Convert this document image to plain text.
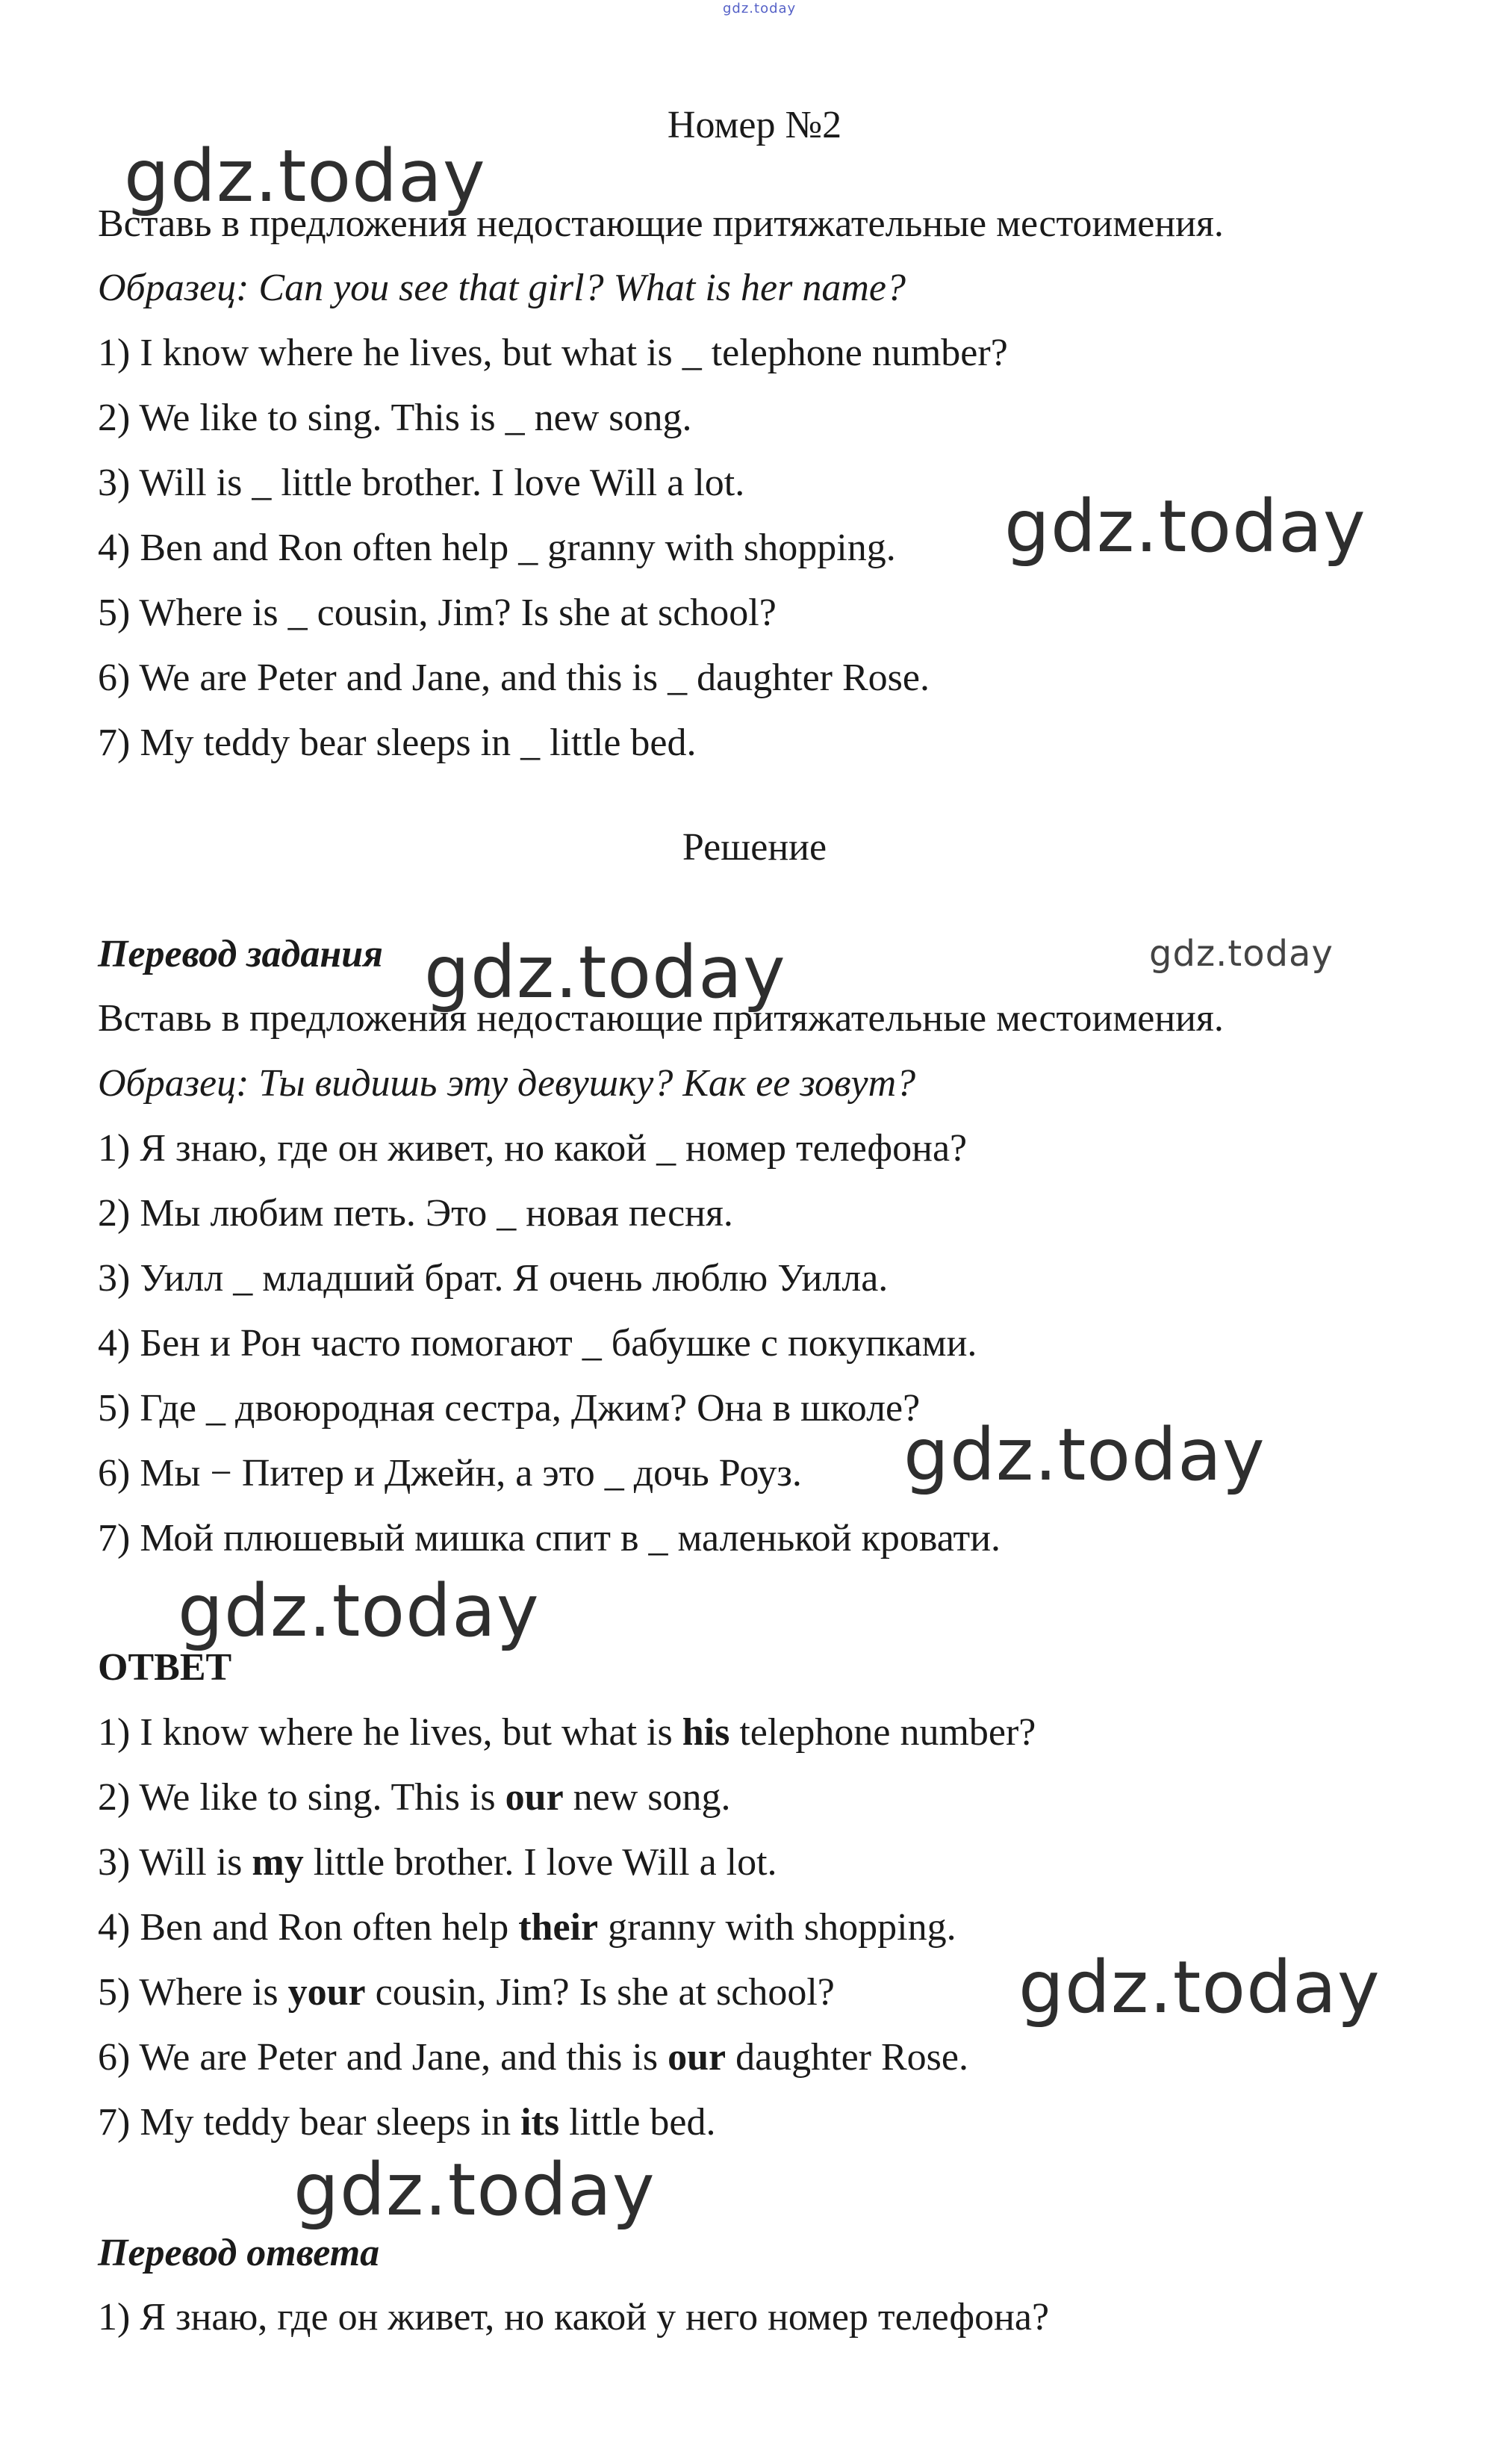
gdz.today
Номер №2
Вставь в предложения недостающие притяжательные местоимения.
Образец: Can you see that girl? What is her name?
1) I know where he lives, but what is _ telephone number?
2) We like to sing. This is _ new song.
3) Will is _ little brother. I love Will a lot.
4) Ben and Ron often help _ granny with shopping.
5) Where is _ cousin, Jim? Is she at school?
6) We are Peter and Jane, and this is _ daughter Rose.
7) My teddy bear sleeps in _ little bed.
Решение
Перевод задания
Вставь в предложения недостающие притяжательные местоимения.
Образец: Ты видишь эту девушку? Как ее зовут?
1) Я знаю, где он живет, но какой _ номер телефона?
2) Мы любим петь. Это _ новая песня.
3) Уилл _ младший брат. Я очень люблю Уилла.
4) Бен и Рон часто помогают _ бабушке с покупками.
5) Где _ двоюродная сестра, Джим? Она в школе?
6) Мы − Питер и Джейн, а это _ дочь Роуз.
7) Мой плюшевый мишка спит в _ маленькой кровати.
ОТВЕТ
1) I know where he lives, but what is his telephone number?
2) We like to sing. This is our new song.
3) Will is my little brother. I love Will a lot.
4) Ben and Ron often help their granny with shopping.
5) Where is your cousin, Jim? Is she at school?
6) We are Peter and Jane, and this is our daughter Rose.
7) My teddy bear sleeps in its little bed.
Перевод ответа
1) Я знаю, где он живет, но какой у него номер телефона?
gdz.today
gdz.today
gdz.today	gdz.today
gdz.today
gdz.today
gdz.today
gdz.today
